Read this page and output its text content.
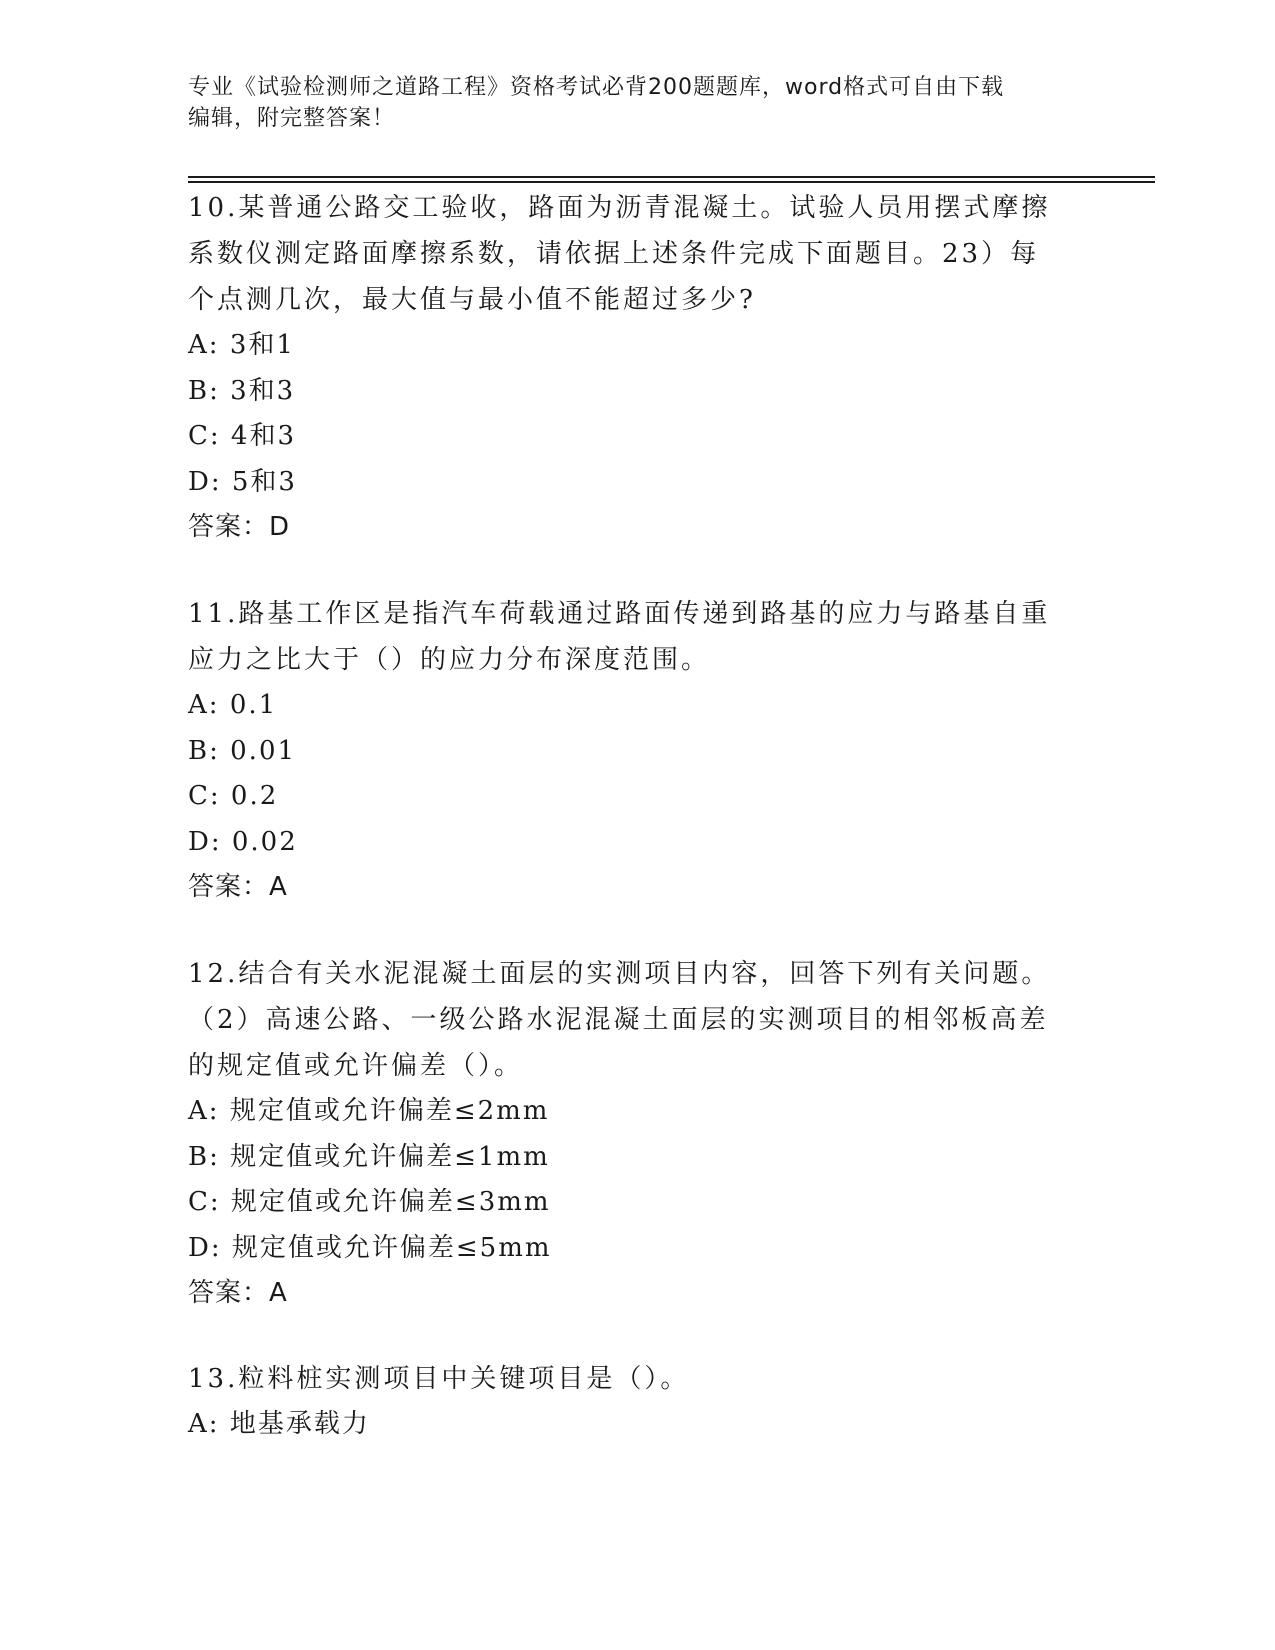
专业《试验检测师之道路工程》资格考试必背200题题库，word格式可自由下载
编辑，附完整答案！

10.某普通公路交工验收，路面为沥青混凝土。试验人员用摆式摩擦系数仪测定路面摩擦系数，请依据上述条件完成下面题目。23）每个点测几次，最大值与最小值不能超过多少?

A: 3和1

B: 3和3

C: 4和3

D: 5和3

答案：D

11.路基工作区是指汽车荷载通过路面传递到路基的应力与路基自重应力之比大于（）的应力分布深度范围。

A: 0.1

B: 0.01

C: 0.2

D: 0.02

答案：A

12.结合有关水泥混凝土面层的实测项目内容，回答下列有关问题。（2）高速公路、一级公路水泥混凝土面层的实测项目的相邻板高差的规定值或允许偏差（）。

A: 规定值或允许偏差≤2mm

B: 规定值或允许偏差≤1mm

C: 规定值或允许偏差≤3mm

D: 规定值或允许偏差≤5mm

答案：A

13.粒料桩实测项目中关键项目是（）。

A: 地基承载力
